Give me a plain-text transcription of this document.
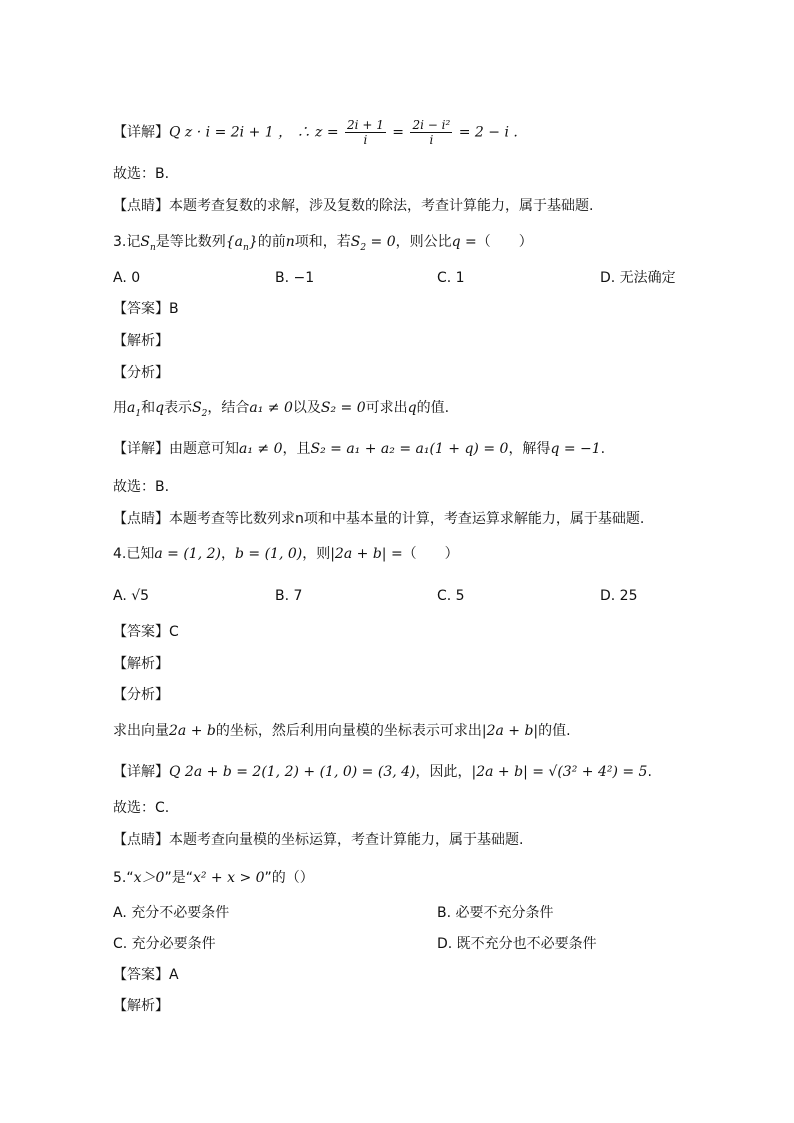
【详解】Q z · i = 2i + 1 ， ∴ $z = \frac{2i + 1}{i} = \frac{\text{2i − i²}}{i} = 2 - i$ .
故选：B.
【点睛】本题考查复数的求解，涉及复数的除法，考查计算能力，属于基础题.
3.记$S_n$是等比数列$\{a_n\}$的前n项和，若$S_2 = 0$，则公比q =（　　）
A. 0	B. −1	C. 1	D. 无法确定
【答案】B
【解析】
【分析】
用$a_1$和q表示$S_2$，结合a₁ ≠ 0以及S₂ = 0可求出q的值.
【详解】由题意可知a₁ ≠ 0，且S₂ = a₁ + a₂ = a₁(1 + q) = 0，解得q = −1.
故选：B.
【点睛】本题考查等比数列求n项和中基本量的计算，考查运算求解能力，属于基础题.
4.已知a = (1, 2)，b = (1, 0)，则|2a + b| =（　　）
A. √5	B. 7	C. 5	D. 25
【答案】C
【解析】
【分析】
求出向量2a + b的坐标，然后利用向量模的坐标表示可求出|2a + b|的值.
【详解】Q 2a + b = 2(1, 2) + (1, 0) = (3, 4)，因此，|2a + b| = √(3² + 4²) = 5.
故选：C.
【点睛】本题考查向量模的坐标运算，考查计算能力，属于基础题.
5.“x＞0”是“x² + x > 0”的（）
A. 充分不必要条件	B. 必要不充分条件
C. 充分必要条件	D. 既不充分也不必要条件
【答案】A
【解析】
